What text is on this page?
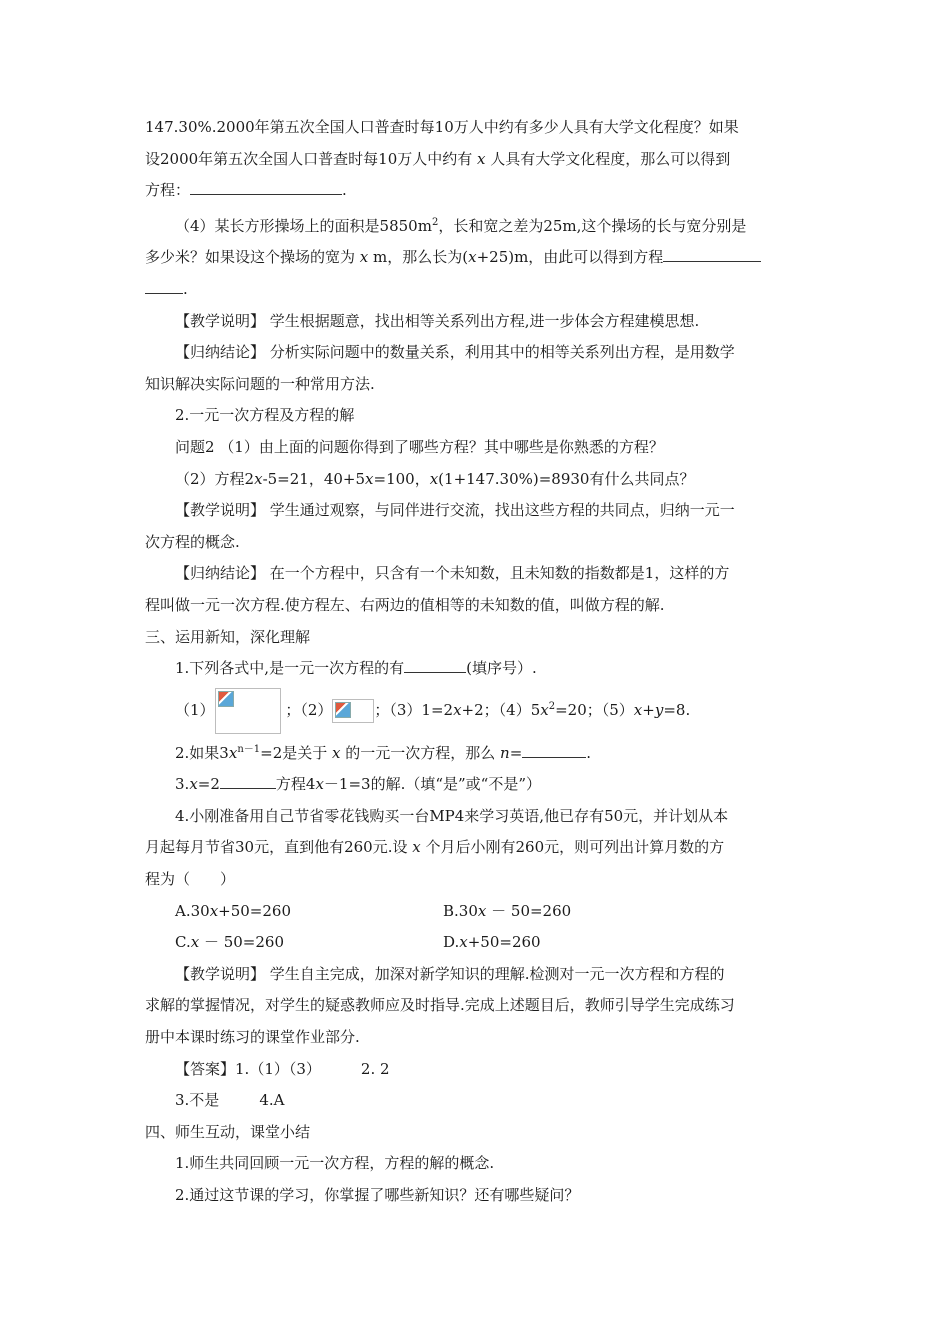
147.30%.2000年第五次全国人口普查时每10万人中约有多少人具有大学文化程度？如果

设2000年第五次全国人口普查时每10万人中约有 x 人具有大学文化程度，那么可以得到

方程：	.

（4）某长方形操场上的面积是$5850m^2$，长和宽之差为25m,这个操场的长与宽分别是

多少米？如果设这个操场的宽为 x m，那么长为(x+25)m，由此可以得到方程

.

【教学说明】 学生根据题意，找出相等关系列出方程,进一步体会方程建模思想.

【归纳结论】 分析实际问题中的数量关系，利用其中的相等关系列出方程，是用数学

知识解决实际问题的一种常用方法.

2.一元一次方程及方程的解

问题2 （1）由上面的问题你得到了哪些方程？其中哪些是你熟悉的方程？

（2）方程2x-5=21，40+5x=100，x(1+147.30%)=8930有什么共同点？

【教学说明】 学生通过观察，与同伴进行交流，找出这些方程的共同点，归纳一元一

次方程的概念.

【归纳结论】 在一个方程中，只含有一个未知数，且未知数的指数都是1，这样的方

程叫做一元一次方程.使方程左、右两边的值相等的未知数的值，叫做方程的解.

三、运用新知，深化理解

1.下列各式中,是一元一次方程的有	(填序号）.

（1）	；（2）	；（3）1=2x+2；$(4)5x^2=20$；（5）x+y=8.

2.如果$3x^{n-1}=2$是关于 x 的一元一次方程，那么 n=	.

3.x=2	方程4x－1=3的解.（填“是”或“不是”）

4.小刚准备用自己节省零花钱购买一台MP4来学习英语,他已存有50元，并计划从本

月起每月节省30元，直到他有260元.设 x 个月后小刚有260元，则可列出计算月数的方

程为（　　）

A.30x+50=260	B.30x － 50=260
C.x － 50=260	D.x+50=260

【教学说明】 学生自主完成，加深对新学知识的理解.检测对一元一次方程和方程的

求解的掌握情况，对学生的疑惑教师应及时指导.完成上述题目后，教师引导学生完成练习

册中本课时练习的课堂作业部分.

【答案】1.（1）（3）	2. 2

3.不是	4.A

四、师生互动，课堂小结

1.师生共同回顾一元一次方程，方程的解的概念.

2.通过这节课的学习，你掌握了哪些新知识？还有哪些疑问？
